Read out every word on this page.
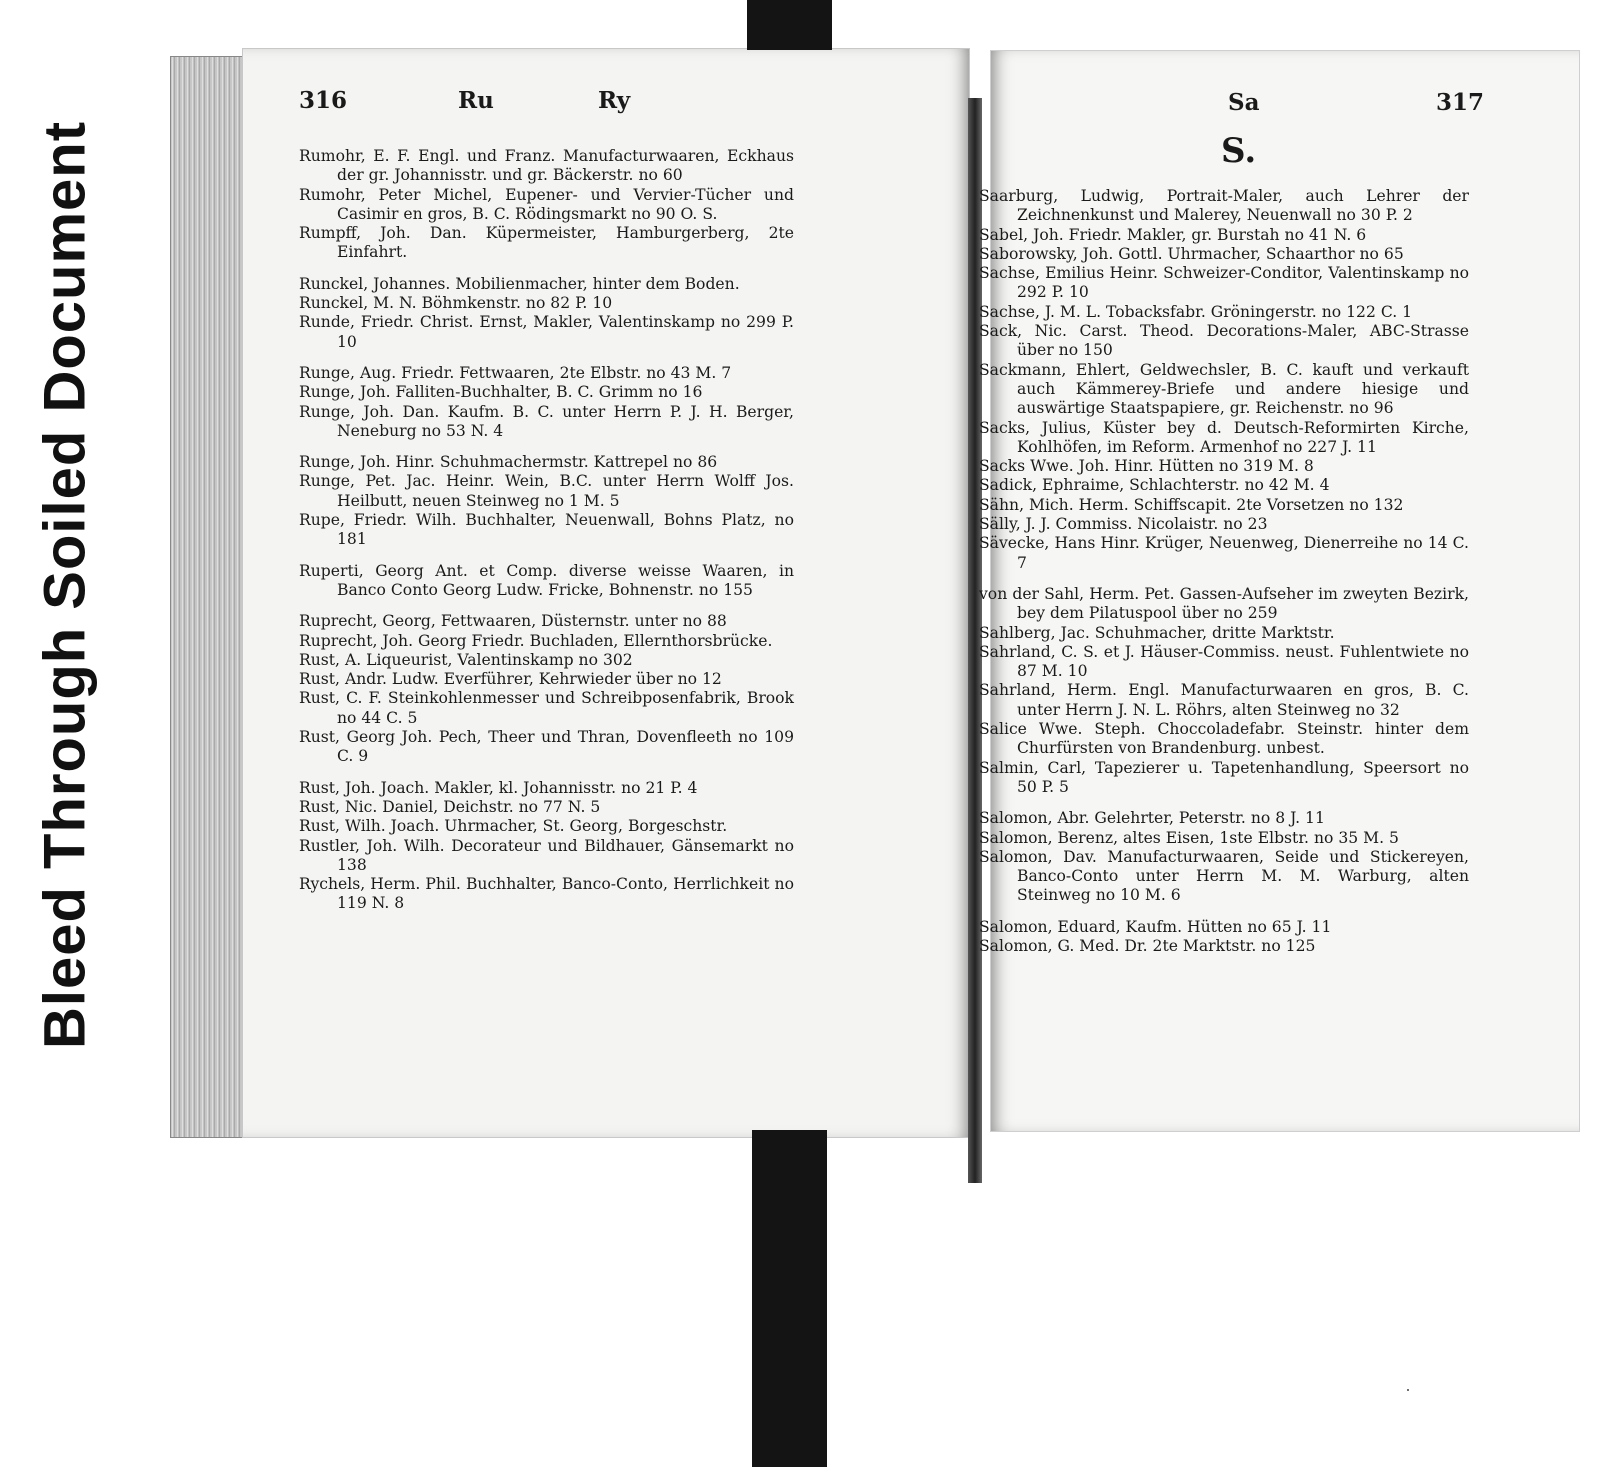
Bleed Through Soiled Document
316	Ru	Ry
Rumohr, E. F. Engl. und Franz. Manufacturwaaren, Eckhaus der gr. Johannisstr. und gr. Bäckerstr. no 60
Rumohr, Peter Michel, Eupener- und Vervier-Tücher und Casimir en gros, B. C. Rödingsmarkt no 90 O. S.
Rumpff, Joh. Dan. Küpermeister, Hamburgerberg, 2te Einfahrt.
Runckel, Johannes. Mobilienmacher, hinter dem Boden.
Runckel, M. N. Böhmkenstr. no 82 P. 10
Runde, Friedr. Christ. Ernst, Makler, Valentinskamp no 299 P. 10
Runge, Aug. Friedr. Fettwaaren, 2te Elbstr. no 43 M. 7
Runge, Joh. Falliten-Buchhalter, B. C. Grimm no 16
Runge, Joh. Dan. Kaufm. B. C. unter Herrn P. J. H. Berger, Neneburg no 53 N. 4
Runge, Joh. Hinr. Schuhmachermstr. Kattrepel no 86
Runge, Pet. Jac. Heinr. Wein, B.C. unter Herrn Wolff Jos. Heilbutt, neuen Steinweg no 1 M. 5
Rupe, Friedr. Wilh. Buchhalter, Neuenwall, Bohns Platz, no 181
Ruperti, Georg Ant. et Comp. diverse weisse Waaren, in Banco Conto Georg Ludw. Fricke, Bohnenstr. no 155
Ruprecht, Georg, Fettwaaren, Düsternstr. unter no 88
Ruprecht, Joh. Georg Friedr. Buchladen, Ellernthorsbrücke.
Rust, A. Liqueurist, Valentinskamp no 302
Rust, Andr. Ludw. Everführer, Kehrwieder über no 12
Rust, C. F. Steinkohlenmesser und Schreibposenfabrik, Brook no 44 C. 5
Rust, Georg Joh. Pech, Theer und Thran, Dovenfleeth no 109 C. 9
Rust, Joh. Joach. Makler, kl. Johannisstr. no 21 P. 4
Rust, Nic. Daniel, Deichstr. no 77 N. 5
Rust, Wilh. Joach. Uhrmacher, St. Georg, Borgeschstr.
Rustler, Joh. Wilh. Decorateur und Bildhauer, Gänsemarkt no 138
Rychels, Herm. Phil. Buchhalter, Banco-Conto, Herrlichkeit no 119 N. 8
Sa	317
S.
Saarburg, Ludwig, Portrait-Maler, auch Lehrer der Zeichnenkunst und Malerey, Neuenwall no 30 P. 2
Sabel, Joh. Friedr. Makler, gr. Burstah no 41 N. 6
Saborowsky, Joh. Gottl. Uhrmacher, Schaarthor no 65
Sachse, Emilius Heinr. Schweizer-Conditor, Valentinskamp no 292 P. 10
Sachse, J. M. L. Tobacksfabr. Gröningerstr. no 122 C. 1
Sack, Nic. Carst. Theod. Decorations-Maler, ABC-Strasse über no 150
Sackmann, Ehlert, Geldwechsler, B. C. kauft und verkauft auch Kämmerey-Briefe und andere hiesige und auswärtige Staatspapiere, gr. Reichenstr. no 96
Sacks, Julius, Küster bey d. Deutsch-Reformirten Kirche, Kohlhöfen, im Reform. Armenhof no 227 J. 11
Sacks Wwe. Joh. Hinr. Hütten no 319 M. 8
Sadick, Ephraime, Schlachterstr. no 42 M. 4
Sähn, Mich. Herm. Schiffscapit. 2te Vorsetzen no 132
Sälly, J. J. Commiss. Nicolaistr. no 23
Sävecke, Hans Hinr. Krüger, Neuenweg, Dienerreihe no 14 C. 7
von der Sahl, Herm. Pet. Gassen-Aufseher im zweyten Bezirk, bey dem Pilatuspool über no 259
Sahlberg, Jac. Schuhmacher, dritte Marktstr.
Sahrland, C. S. et J. Häuser-Commiss. neust. Fuhlentwiete no 87 M. 10
Sahrland, Herm. Engl. Manufacturwaaren en gros, B. C. unter Herrn J. N. L. Röhrs, alten Steinweg no 32
Salice Wwe. Steph. Choccoladefabr. Steinstr. hinter dem Churfürsten von Brandenburg. unbest.
Salmin, Carl, Tapezierer u. Tapetenhandlung, Speersort no 50 P. 5
Salomon, Abr. Gelehrter, Peterstr. no 8 J. 11
Salomon, Berenz, altes Eisen, 1ste Elbstr. no 35 M. 5
Salomon, Dav. Manufacturwaaren, Seide und Stickereyen, Banco-Conto unter Herrn M. M. Warburg, alten Steinweg no 10 M. 6
Salomon, Eduard, Kaufm. Hütten no 65 J. 11
Salomon, G. Med. Dr. 2te Marktstr. no 125
